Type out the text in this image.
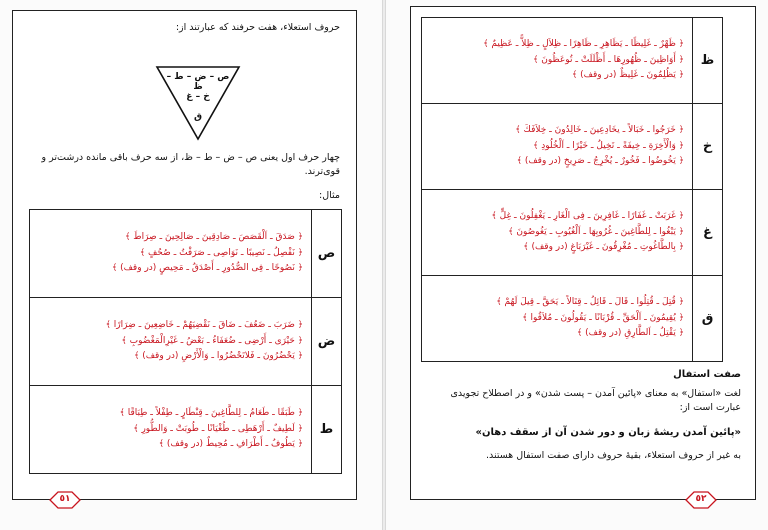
حروف استعلاء، هفت حرفند که عبارتند از:
ص – ض – ط – ظ
خ – غ
ق
چهار حرف اول یعنی ص – ض – ط – ظ، از سه حرف باقی مانده درشت‌تر و قوی‌ترند.
مثال:
ص	﴿ صَدَقَ ـ اَلْقَصَصَ ـ صَادِقِینَ ـ صَالِحِینَ ـ صِرَاطَ ﴾
﴿ نَفْصِلُ ـ نَصِیبًا ـ نَوَاصِی ـ صَرَفْتُ ـ صُحُفٍ ﴾
﴿ نَصُوحًا ـ فِی الصُّدُورِ ـ أَصْدَقُ ـ مَحِیصٍ (در وقف) ﴾

ض	﴿ ضَرَبَ ـ ضَعُفَ ـ ضَاقَ ـ نَقْضِیَهُمْ ـ خَاضِعِینَ ـ ضِرَارًا ﴾
﴿ حَیْرَی ـ أَرْضِی ـ ضُعَفَاءُ ـ بَعْضُ ـ غَیْرِالْمَغْضُوبِ ﴾
﴿ یَحْضُرُونَ ـ فَلاتَحْضُرُوا ـ وَالْأَرْضِ (در وقف) ﴾

ط	﴿ طَبَقًا ـ طَعَامُ ـ لِلطَّاغِینَ ـ قِنْطَارٍ ـ طِفْلاً ـ طِبَاقًا ﴾
﴿ لَطِیفٌ ـ أَرْهَطِی ـ طُغْیَانًا ـ طُوبَتْ ـ وَالطُّورِ ﴾
﴿ یَطُوفُ ـ أَطْرَافِ ـ مُحِیطٌ (در وقف) ﴾
٥١
ظ	﴿ ظَهْرٌ ـ غَلِیظًا ـ یَظَاهِرِ ـ ظَاهِرًا ـ ظِلاَلٍ ـ ظِلاًّ ـ عَظِیمٌ ﴾
﴿ أَوَاظِینَ ـ ظُهُورِهَا ـ أَظْلَلَتْ ـ تُوعَظُونَ ﴾
﴿ یَظُلِمُونَ ـ غَلِیظٌ (در وقف) ﴾

خ	﴿ خَرَجُوا ـ خَبَالاً ـ یخَادِعِینَ ـ خَالِدُونَ ـ خِلاَفَكَ ﴾
﴿ وَالْأَخِرَةِ ـ خِیفَةً ـ تَخِیلُ ـ خَیْرًا ـ اَلْخُلُودِ ﴾
﴿ یَخُوضُوا ـ فَخُورٌ ـ یُخْرِجُ ـ صَرِیخٍ (در وقف) ﴾

غ	﴿ غَرَبَتْ ـ غَفَارًا ـ غَافِرِینَ ـ فِی الْغَارِ ـ یَغْفِلُونَ ـ غِلٍّ ﴾
﴿ یَبْغُوا ـ لِلطَّاغِینَ ـ غُرُوبِهَا ـ اَلْغُیُوبِ ـ یَغُوصُونَ ﴾
﴿ بِالطَّاغُوتِ ـ مُغْرِقُونَ ـ غَیْرَبَاغٍ (در وقف) ﴾

ق	﴿ قُتِلَ ـ قُتِلُوا ـ قَالَ ـ قَائِلُ ـ قِتَالاً ـ یَحَقَّ ـ قِیلَ لَهُمْ ﴾
﴿ یُقِیمُونَ ـ اَلْحَقِّ ـ قُرْبَانًا ـ یَقُولُونَ ـ مُلاَقُوا ﴾
﴿ یَقْتِلُ ـ اَلطَّارِقِ (در وقف) ﴾
صفت استفال
لغت «استفال» به معنای «پائین آمدن – پست شدن» و در اصطلاح تجویدی عبارت است از:
«پائین آمدن ریشهٔ زبان و دور شدن آن از سقف دهان»
به غیر از حروف استعلاء، بقیهٔ حروف دارای صفت استفال هستند.
٥٢
